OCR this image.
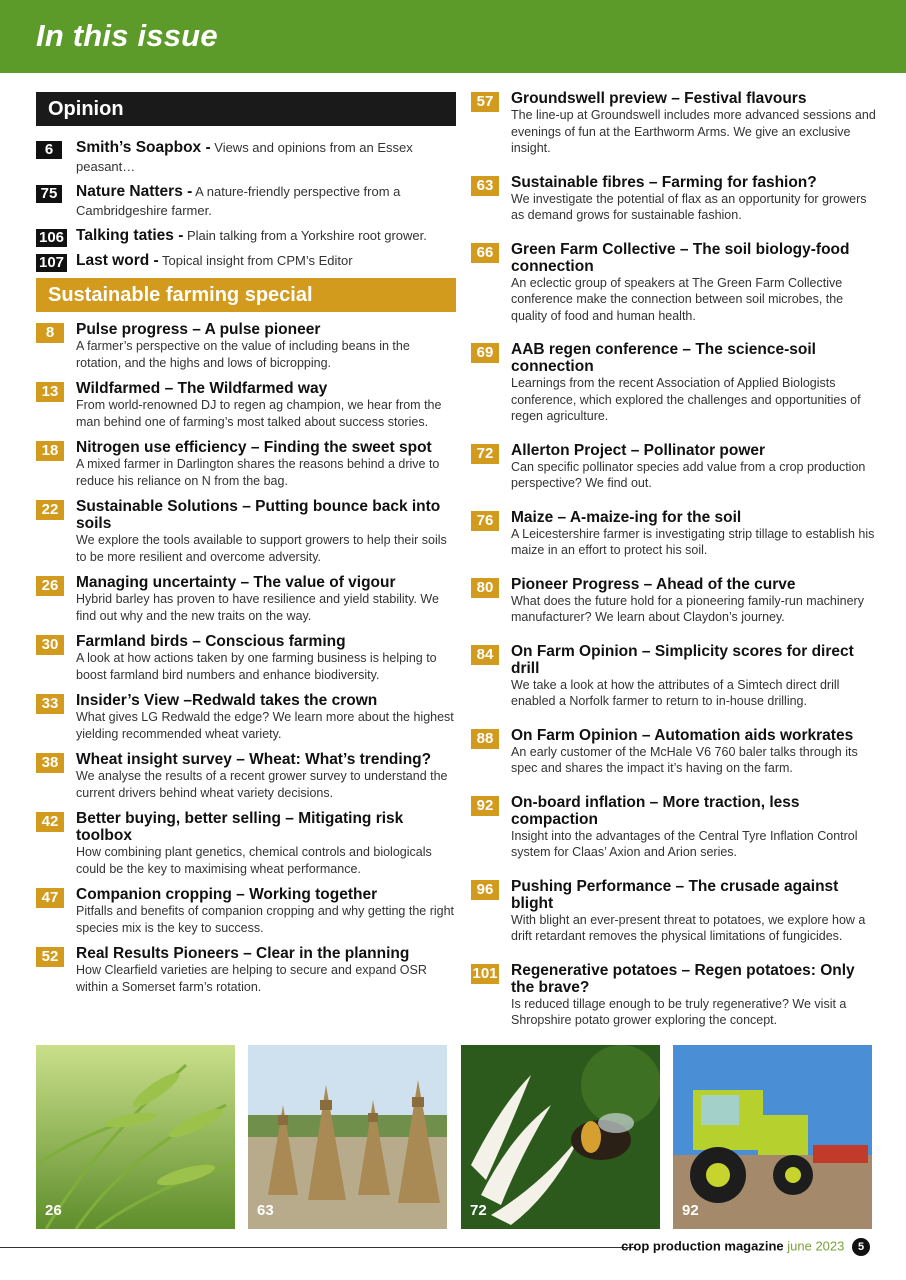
In this issue
Opinion
6	Smith’s Soapbox - Views and opinions from an Essex peasant…
75	Nature Natters - A nature-friendly perspective from a Cambridgeshire farmer.
106 Talking taties - Plain talking from a Yorkshire root grower.
107 Last word - Topical insight from CPM’s Editor
Sustainable farming special
8	Pulse progress – A pulse pioneer
A farmer’s perspective on the value of including beans in the rotation, and the highs and lows of bicropping.
13	Wildfarmed – The Wildfarmed way
From world-renowned DJ to regen ag champion, we hear from the man behind one of farming’s most talked about success stories.
18	Nitrogen use efficiency – Finding the sweet spot
A mixed farmer in Darlington shares the reasons behind a drive to reduce his reliance on N from the bag.
22	Sustainable Solutions – Putting bounce back into soils
We explore the tools available to support growers to help their soils to be more resilient and overcome adversity.
26	Managing uncertainty – The value of vigour
Hybrid barley has proven to have resilience and yield stability. We find out why and the new traits on the way.
30	Farmland birds – Conscious farming
A look at how actions taken by one farming business is helping to boost farmland bird numbers and enhance biodiversity.
33	Insider’s View –Redwald takes the crown
What gives LG Redwald the edge? We learn more about the highest yielding recommended wheat variety.
38	Wheat insight survey – Wheat: What’s trending?
We analyse the results of a recent grower survey to understand the current drivers behind wheat variety decisions.
42	Better buying, better selling – Mitigating risk toolbox
How combining plant genetics, chemical controls and biologicals could be the key to maximising wheat performance.
47	Companion cropping – Working together
Pitfalls and benefits of companion cropping and why getting the right species mix is the key to success.
52	Real Results Pioneers – Clear in the planning
How Clearfield varieties are helping to secure and expand OSR within a Somerset farm’s rotation.
57	Groundswell preview – Festival flavours
The line-up at Groundswell includes more advanced sessions and evenings of fun at the Earthworm Arms. We give an exclusive insight.
63	Sustainable fibres – Farming for fashion?
We investigate the potential of flax as an opportunity for growers as demand grows for sustainable fashion.
66	Green Farm Collective – The soil biology-food connection
An eclectic group of speakers at The Green Farm Collective conference make the connection between soil microbes, the quality of food and human health.
69	AAB regen conference – The science-soil connection
Learnings from the recent Association of Applied Biologists conference, which explored the challenges and opportunities of regen agriculture.
72	Allerton Project – Pollinator power
Can specific pollinator species add value from a crop production perspective? We find out.
76	Maize – A-maize-ing for the soil
A Leicestershire farmer is investigating strip tillage to establish his maize in an effort to protect his soil.
80	Pioneer Progress – Ahead of the curve
What does the future hold for a pioneering family-run machinery manufacturer? We learn about Claydon’s journey.
84	On Farm Opinion – Simplicity scores for direct drill
We take a look at how the attributes of a Simtech direct drill enabled a Norfolk farmer to return to in-house drilling.
88	On Farm Opinion – Automation aids workrates
An early customer of the McHale V6 760 baler talks through its spec and shares the impact it’s having on the farm.
92	On-board inflation – More traction, less compaction
Insight into the advantages of the Central Tyre Inflation Control system for Claas’ Axion and Arion series.
96	Pushing Performance – The crusade against blight
With blight an ever-present threat to potatoes, we explore how a drift retardant removes the physical limitations of fungicides.
101 Regenerative potatoes – Regen potatoes: Only the brave?
Is reduced tillage enough to be truly regenerative? We visit a Shropshire potato grower exploring the concept.
26	63	72	92
crop production magazine june 2023 5
